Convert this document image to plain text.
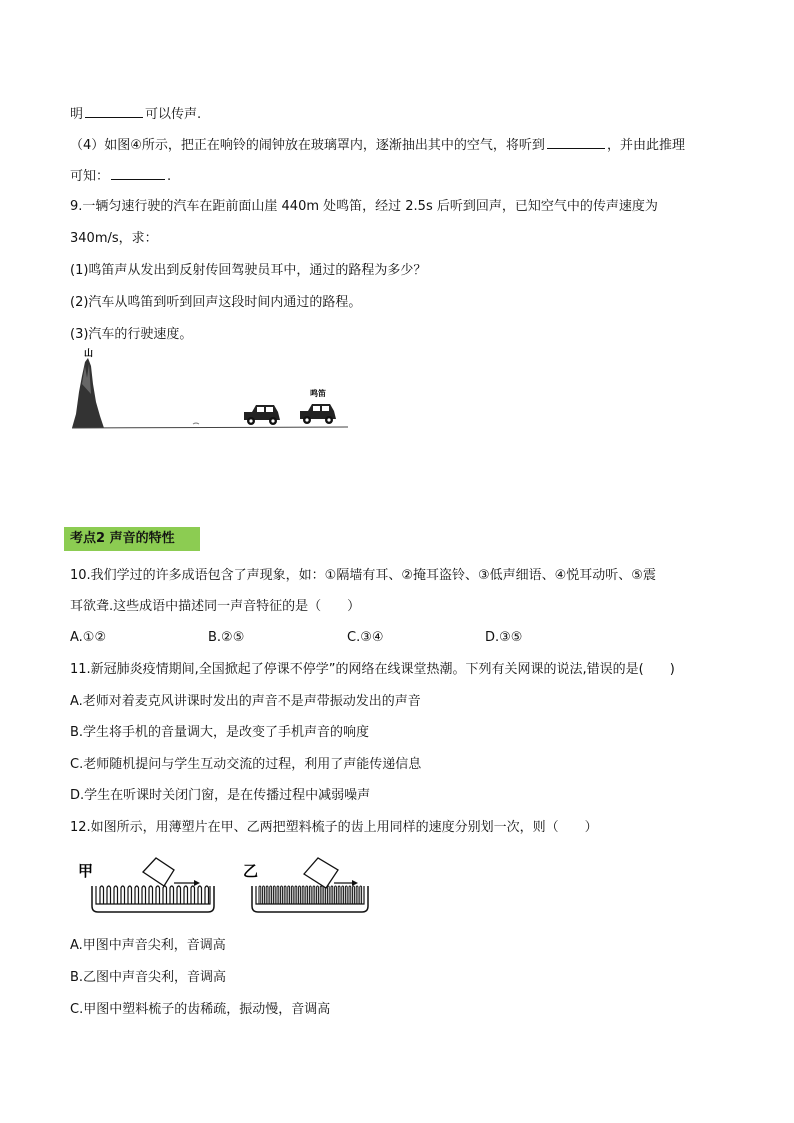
明	可以传声.
（4）如图④所示，把正在响铃的闹钟放在玻璃罩内，逐渐抽出其中的空气，将听到	，并由此推理
可知：	.
9.一辆匀速行驶的汽车在距前面山崖 440m 处鸣笛，经过 2.5s 后听到回声，已知空气中的传声速度为
340m/s，求：
(1)鸣笛声从发出到反射传回驾驶员耳中，通过的路程为多少？
(2)汽车从鸣笛到听到回声这段时间内通过的路程。
(3)汽车的行驶速度。
山
鸣笛
考点2 声音的特性
10.我们学过的许多成语包含了声现象，如：①隔墙有耳、②掩耳盗铃、③低声细语、④悦耳动听、⑤震
耳欲聋.这些成语中描述同一声音特征的是（　　）
A.①②	B.②⑤	C.③④	D.③⑤
11.新冠肺炎疫情期间,全国掀起了停课不停学”的网络在线课堂热潮。下列有关网课的说法,错误的是(　　)
A.老师对着麦克风讲课时发出的声音不是声带振动发出的声音
B.学生将手机的音量调大，是改变了手机声音的响度
C.老师随机提问与学生互动交流的过程，利用了声能传递信息
D.学生在听课时关闭门窗，是在传播过程中减弱噪声
12.如图所示，用薄塑片在甲、乙两把塑料梳子的齿上用同样的速度分别划一次，则（　　）
甲	乙
A.甲图中声音尖利，音调高
B.乙图中声音尖利，音调高
C.甲图中塑料梳子的齿稀疏，振动慢，音调高
